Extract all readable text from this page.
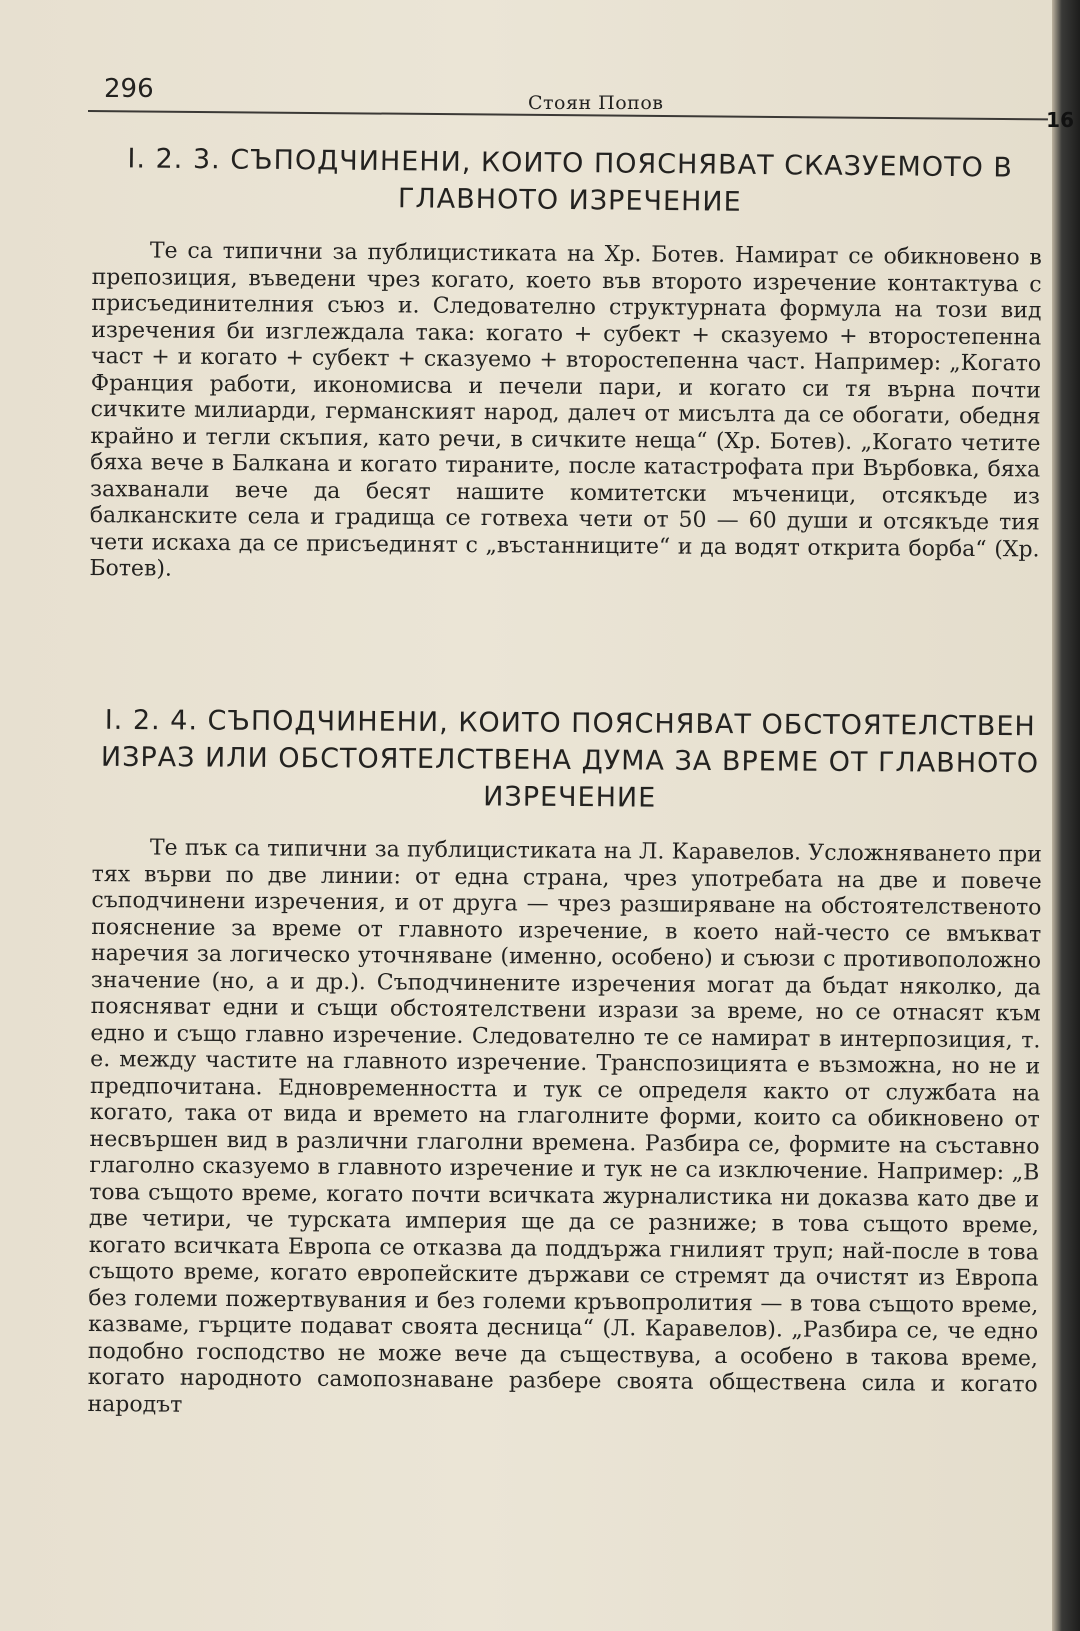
296	Стоян Попов
I. 2. 3. СЪПОДЧИНЕНИ, КОИТО ПОЯСНЯВАТ СКАЗУЕМОТО В ГЛАВНОТО ИЗРЕЧЕНИЕ

Те са типични за публицистиката на Хр. Ботев. Намират се обикновено в препозиция, въведени чрез когато, което във второто изречение контактува с присъединителния съюз и. Следователно структурната формула на този вид изречения би изглеждала така: когато + субект + сказуемо + второстепенна част + и когато + субект + сказуемо + второстепенна част. Например: „Когато Франция работи, икономисва и печели пари, и когато си тя върна почти сичките милиарди, германският народ, далеч от мисълта да се обогати, обедня крайно и тегли скъпия, като речи, в сичките нещa“ (Хр. Ботев). „Когато четите бяха вече в Балкана и когато тираните, после катастрофата при Върбовка, бяха захванали вече да бесят нашите комитетски мъченици, отсякъде из балканските села и градища се готвеха чети от 50 — 60 души и отсякъде тия чети искаха да се присъединят с „въстанниците“ и да водят открита борба“ (Хр. Ботев).

I. 2. 4. СЪПОДЧИНЕНИ, КОИТО ПОЯСНЯВАТ ОБСТОЯТЕЛСТВЕН ИЗРАЗ ИЛИ ОБСТОЯТЕЛСТВЕНА ДУМА ЗА ВРЕМЕ ОТ ГЛАВНОТО ИЗРЕЧЕНИЕ

Те пък са типични за публицистиката на Л. Каравелов. Усложняването при тях върви по две линии: от една страна, чрез употребата на две и повече съподчинени изречения, и от друга — чрез разширяване на обстоятелственото пояснение за време от главното изречение, в което най-често се вмъкват наречия за логическо уточняване (именно, особено) и съюзи с противоположно значение (но, а и др.). Съподчинените изречения могат да бъдат няколко, да поясняват едни и същи обстоятелствени изрази за време, но се отнасят към едно и също главно изречение. Следователно те се намират в интерпозиция, т. е. между частите на главното изречение. Транспозицията е възможна, но не и предпочитана. Едновременността и тук се определя както от службата на когато, така от вида и времето на глаголните форми, които са обикновено от несвършен вид в различни глаголни времена. Разбира се, формите на съставно глаголно сказуемо в главното изречение и тук не са изключение. Например: „В това същото време, когато почти всичката журналистика ни доказва като две и две четири, че турската империя ще да се разниже; в това същото време, когато всичката Европа се отказва да поддържа гнилият труп; най-после в това същото време, когато европейските държави се стремят да очистят из Европа без големи пожертвувания и без големи кръвопролития — в това същото време, казваме, гърците подават своята десница“ (Л. Каравелов). „Разбира се, че едно подобно господство не може вече да съществува, а особено в такова време, когато народното самопознаване разбере своята обществена сила и когато народът

16
